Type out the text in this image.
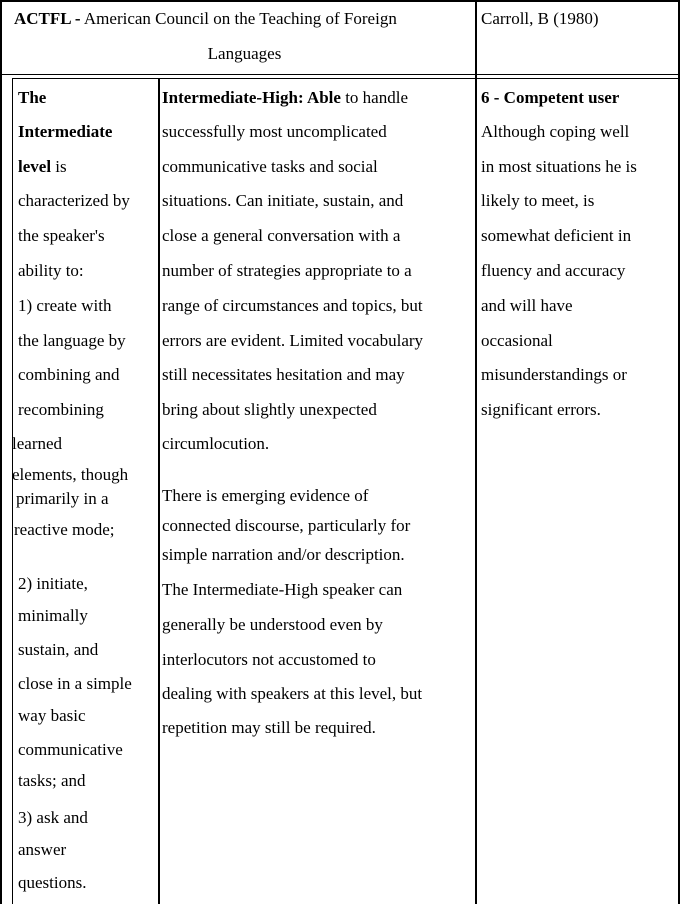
ACTFL - American Council on the Teaching of Foreign
Languages
Carroll, B (1980)
The
Intermediate
level is
characterized by
the speaker's
ability to:
1) create with
the language by
combining and
recombining
learned
elements, though
primarily in a
reactive mode;
2) initiate,
minimally
sustain, and
close in a simple
way basic
communicative
tasks; and
3) ask and
answer
questions.
Intermediate-High: Able to handle
successfully most uncomplicated
communicative tasks and social
situations. Can initiate, sustain, and
close a general conversation with a
number of strategies appropriate to a
range of circumstances and topics, but
errors are evident. Limited vocabulary
still necessitates hesitation and may
bring about slightly unexpected
circumlocution.
There is emerging evidence of
connected discourse, particularly for
simple narration and/or description.
The Intermediate-High speaker can
generally be understood even by
interlocutors not accustomed to
dealing with speakers at this level, but
repetition may still be required.
6 - Competent user
Although coping well
in most situations he is
likely to meet, is
somewhat deficient in
fluency and accuracy
and will have
occasional
misunderstandings or
significant errors.
